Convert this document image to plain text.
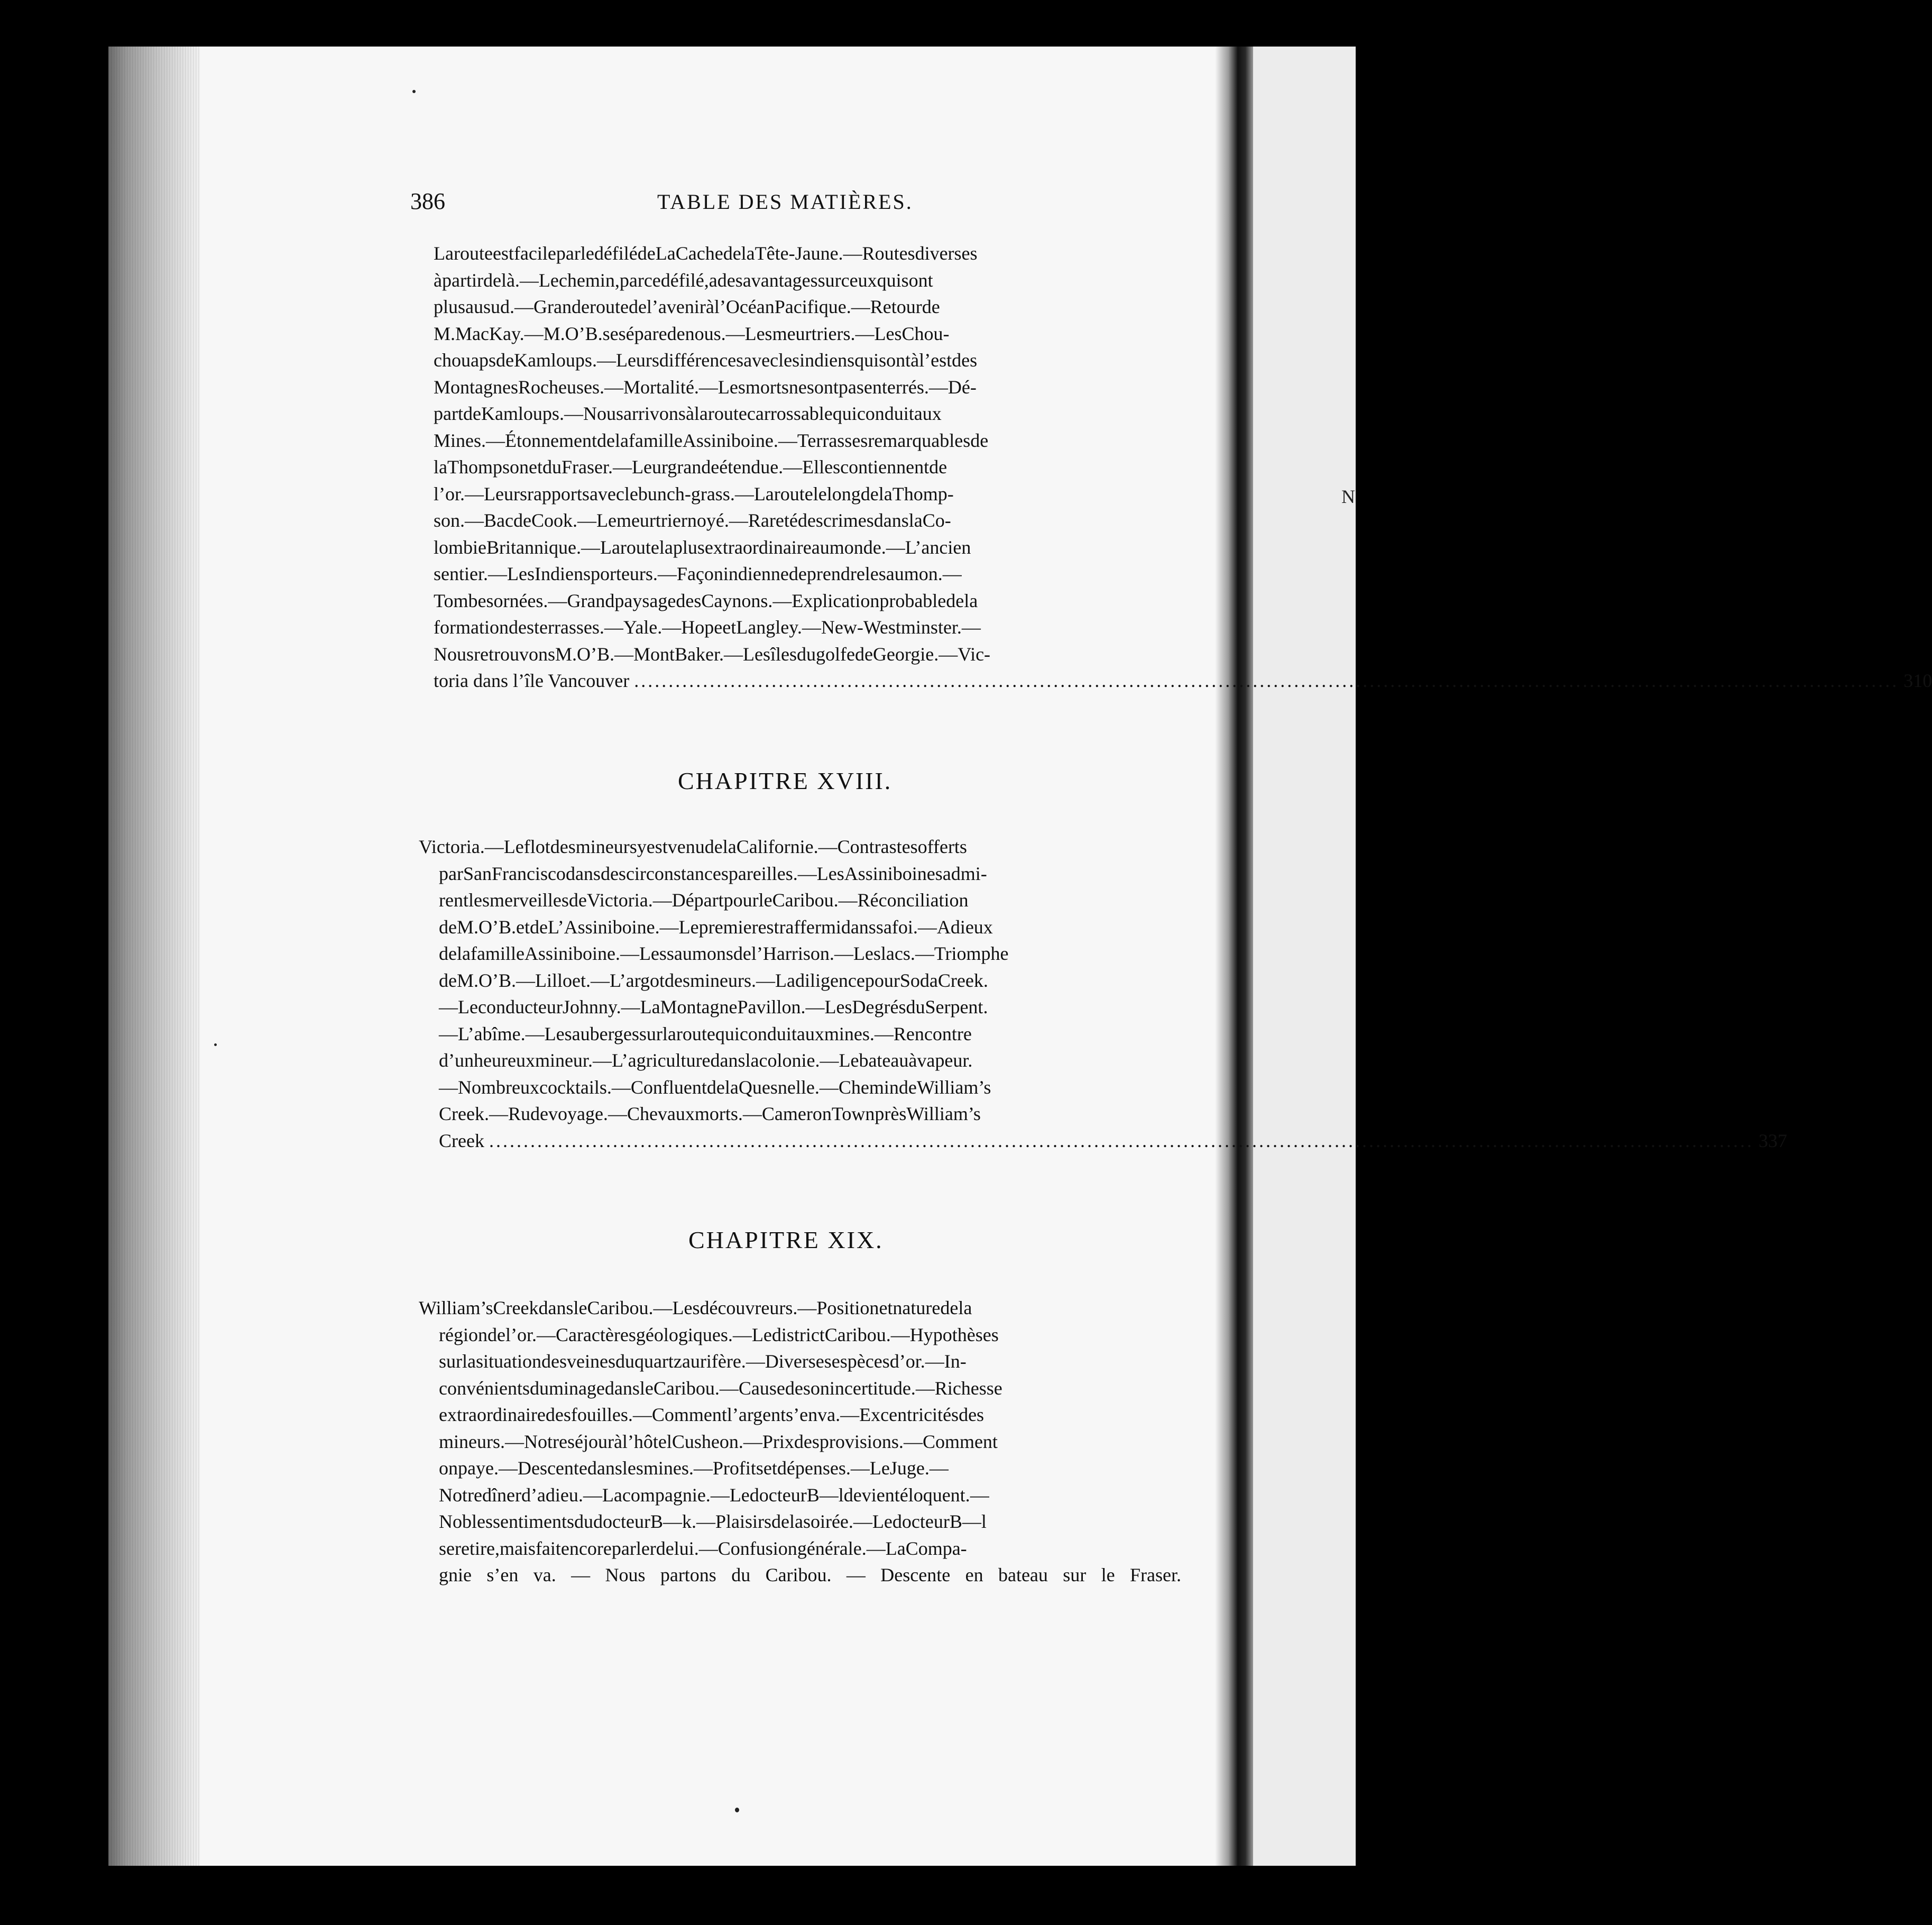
N
386	TABLE DES MATIÈRES.
LarouteestfacileparledéfilédeLaCachedelaTête-Jaune.—Routesdiverses
àpartirdelà.—Lechemin,parcedéfilé,adesavantagessurceuxquisont
plusausud.—Granderoutedel’aveniràl’OcéanPacifique.—Retourde
M.MacKay.—M.O’B.seséparedenous.—Lesmeurtriers.—LesChou-
chouapsdeKamloups.—Leursdifférencesaveclesindiensquisontàl’estdes
MontagnesRocheuses.—Mortalité.—Lesmortsnesontpasenterrés.—Dé-
partdeKamloups.—Nousarrivonsàlaroutecarrossablequiconduitaux
Mines.—ÉtonnementdelafamilleAssiniboine.—Terrassesremarquablesde
laThompsonetduFraser.—Leurgrandeétendue.—Ellescontiennentde
l’or.—Leursrapportsaveclebunch-grass.—LaroutelelongdelaThomp-
son.—BacdeCook.—Lemeurtriernoyé.—RaretédescrimesdanslaCo-
lombieBritannique.—Laroutelaplusextraordinaireaumonde.—L’ancien
sentier.—LesIndiensporteurs.—Façonindiennedeprendrelesaumon.—
Tombesornées.—GrandpaysagedesCaynons.—Explicationprobabledela
formationdesterrasses.—Yale.—HopeetLangley.—New-Westminster.—
NousretrouvonsM.O’B.—MontBaker.—LesîlesdugolfedeGeorgie.—Vic-
toria dans l’île Vancouver .....	310
CHAPITRE XVIII.
Victoria.—LeflotdesmineursyestvenudelaCalifornie.—Contrastesofferts
parSanFranciscodansdescirconstancespareilles.—LesAssiniboinesadmi-
rentlesmerveillesdeVictoria.—DépartpourleCaribou.—Réconciliation
deM.O’B.etdeL’Assiniboine.—Lepremierestraffermidanssafoi.—Adieux
delafamilleAssiniboine.—Lessaumonsdel’Harrison.—Leslacs.—Triomphe
deM.O’B.—Lilloet.—L’argotdesmineurs.—LadiligencepourSodaCreek.
—LeconducteurJohnny.—LaMontagnePavillon.—LesDegrésduSerpent.
—L’abîme.—Lesaubergessurlaroutequiconduitauxmines.—Rencontre
d’unheureuxmineur.—L’agriculturedanslacolonie.—Lebateauàvapeur.
—Nombreuxcocktails.—ConfluentdelaQuesnelle.—ChemindeWilliam’s
Creek.—Rudevoyage.—Chevauxmorts.—CameronTownprèsWilliam’s
Creek .....	337
CHAPITRE XIX.
William’sCreekdansleCaribou.—Lesdécouvreurs.—Positionetnaturedela
régiondel’or.—Caractèresgéologiques.—LedistrictCaribou.—Hypothèses
surlasituationdesveinesduquartzaurifère.—Diversesespècesd’or.—In-
convénientsduminagedansleCaribou.—Causedesonincertitude.—Richesse
extraordinairedesfouilles.—Commentl’argents’enva.—Excentricitésdes
mineurs.—Notreséjouràl’hôtelCusheon.—Prixdesprovisions.—Comment
onpaye.—Descentedanslesmines.—Profitsetdépenses.—LeJuge.—
Notredînerd’adieu.—Lacompagnie.—LedocteurB—ldevientéloquent.—
NoblessentimentsdudocteurB—k.—Plaisirsdelasoirée.—LedocteurB—l
seretire,maisfaitencoreparlerdelui.—Confusiongénérale.—LaCompa-
gnie s’en va. — Nous partons du Caribou. — Descente en bateau sur le Fraser.
